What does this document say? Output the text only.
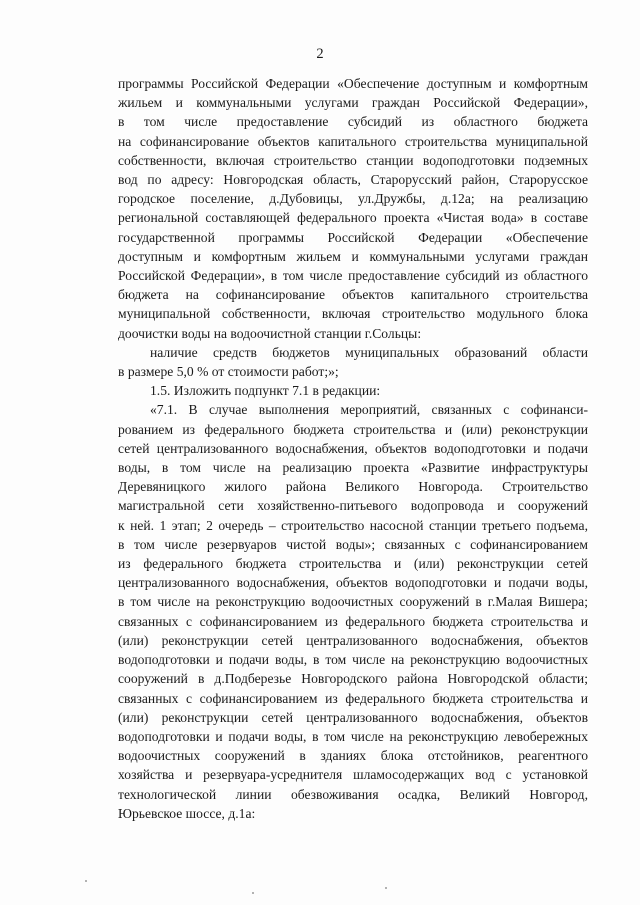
2
программы Российской Федерации «Обеспечение доступным и комфортным
жильем и коммунальными услугами граждан Российской Федерации»,
в том числе предоставление субсидий из областного бюджета
на софинансирование объектов капитального строительства муниципальной
собственности, включая строительство станции водоподготовки подземных
вод по адресу: Новгородская область, Старорусский район, Старорусское
городское поселение, д.Дубовицы, ул.Дружбы, д.12а; на реализацию
региональной составляющей федерального проекта «Чистая вода» в составе
государственной программы Российской Федерации «Обеспечение
доступным и комфортным жильем и коммунальными услугами граждан
Российской Федерации», в том числе предоставление субсидий из областного
бюджета на софинансирование объектов капитального строительства
муниципальной собственности, включая строительство модульного блока
доочистки воды на водоочистной станции г.Сольцы:
наличие средств бюджетов муниципальных образований области
в размере 5,0 % от стоимости работ;»;
1.5. Изложить подпункт 7.1 в редакции:
«7.1. В случае выполнения мероприятий, связанных с софинанси-
рованием из федерального бюджета строительства и (или) реконструкции
сетей централизованного водоснабжения, объектов водоподготовки и подачи
воды, в том числе на реализацию проекта «Развитие инфраструктуры
Деревяницкого жилого района Великого Новгорода. Строительство
магистральной сети хозяйственно-питьевого водопровода и сооружений
к ней. 1 этап; 2 очередь – строительство насосной станции третьего подъема,
в том числе резервуаров чистой воды»; связанных с софинансированием
из федерального бюджета строительства и (или) реконструкции сетей
централизованного водоснабжения, объектов водоподготовки и подачи воды,
в том числе на реконструкцию водоочистных сооружений в г.Малая Вишера;
связанных с софинансированием из федерального бюджета строительства и
(или) реконструкции сетей централизованного водоснабжения, объектов
водоподготовки и подачи воды, в том числе на реконструкцию водоочистных
сооружений в д.Подберезье Новгородского района Новгородской области;
связанных с софинансированием из федерального бюджета строительства и
(или) реконструкции сетей централизованного водоснабжения, объектов
водоподготовки и подачи воды, в том числе на реконструкцию левобережных
водоочистных сооружений в зданиях блока отстойников, реагентного
хозяйства и резервуара-усреднителя шламосодержащих вод с установкой
технологической линии обезвоживания осадка, Великий Новгород,
Юрьевское шоссе, д.1а:
